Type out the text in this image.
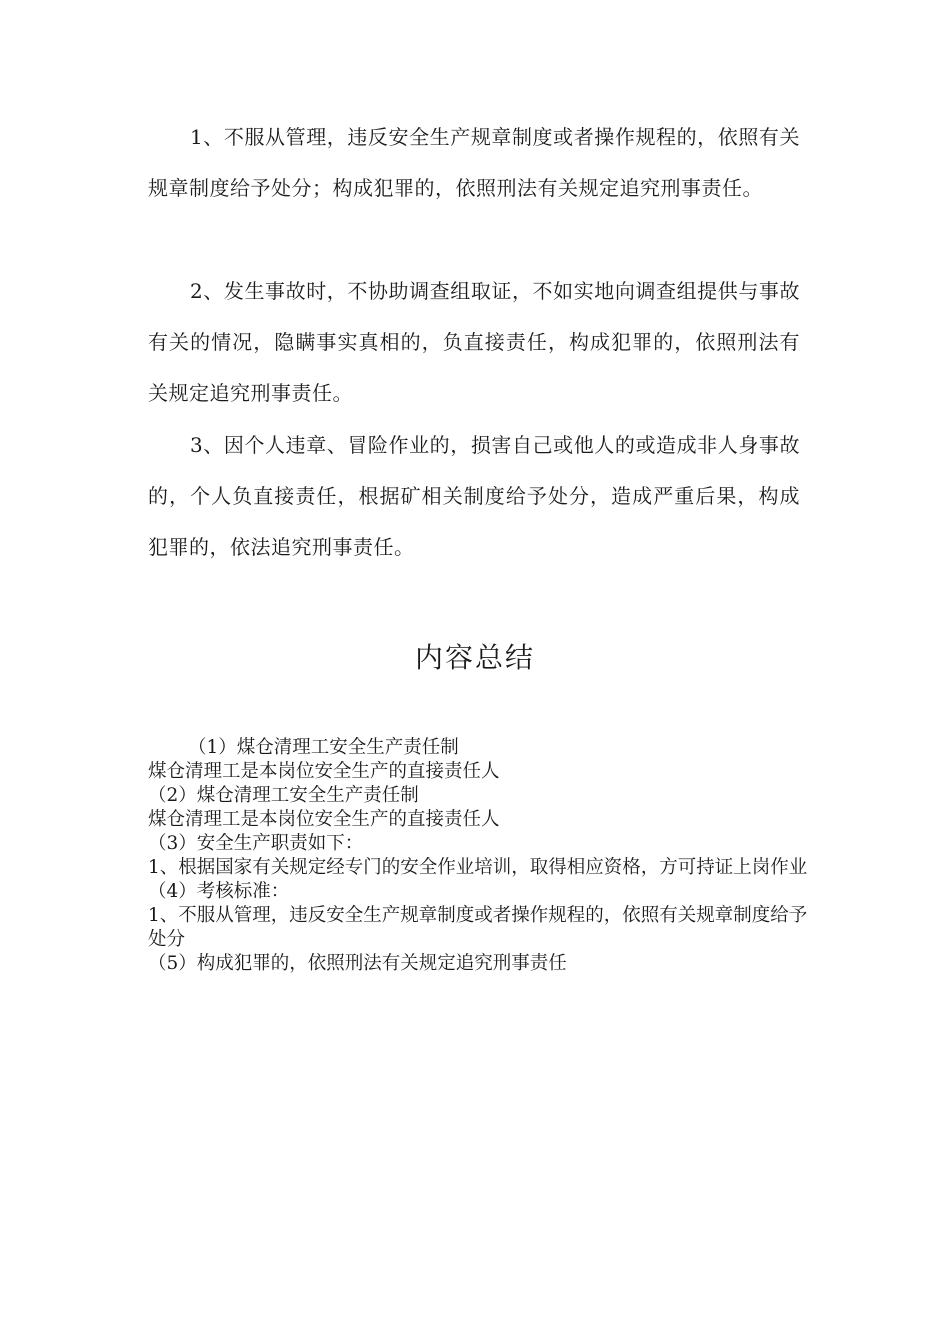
1、不服从管理，违反安全生产规章制度或者操作规程的，依照有关规章制度给予处分；构成犯罪的，依照刑法有关规定追究刑事责任。

2、发生事故时，不协助调查组取证，不如实地向调查组提供与事故有关的情况，隐瞒事实真相的，负直接责任，构成犯罪的，依照刑法有关规定追究刑事责任。

3、因个人违章、冒险作业的，损害自己或他人的或造成非人身事故的，个人负直接责任，根据矿相关制度给予处分，造成严重后果，构成犯罪的，依法追究刑事责任。

内容总结
（1）煤仓清理工安全生产责任制
煤仓清理工是本岗位安全生产的直接责任人
（2）煤仓清理工安全生产责任制
煤仓清理工是本岗位安全生产的直接责任人
（3）安全生产职责如下：
1、根据国家有关规定经专门的安全作业培训，取得相应资格，方可持证上岗作业
（4）考核标准：
1、不服从管理，违反安全生产规章制度或者操作规程的，依照有关规章制度给予处分
（5）构成犯罪的，依照刑法有关规定追究刑事责任
